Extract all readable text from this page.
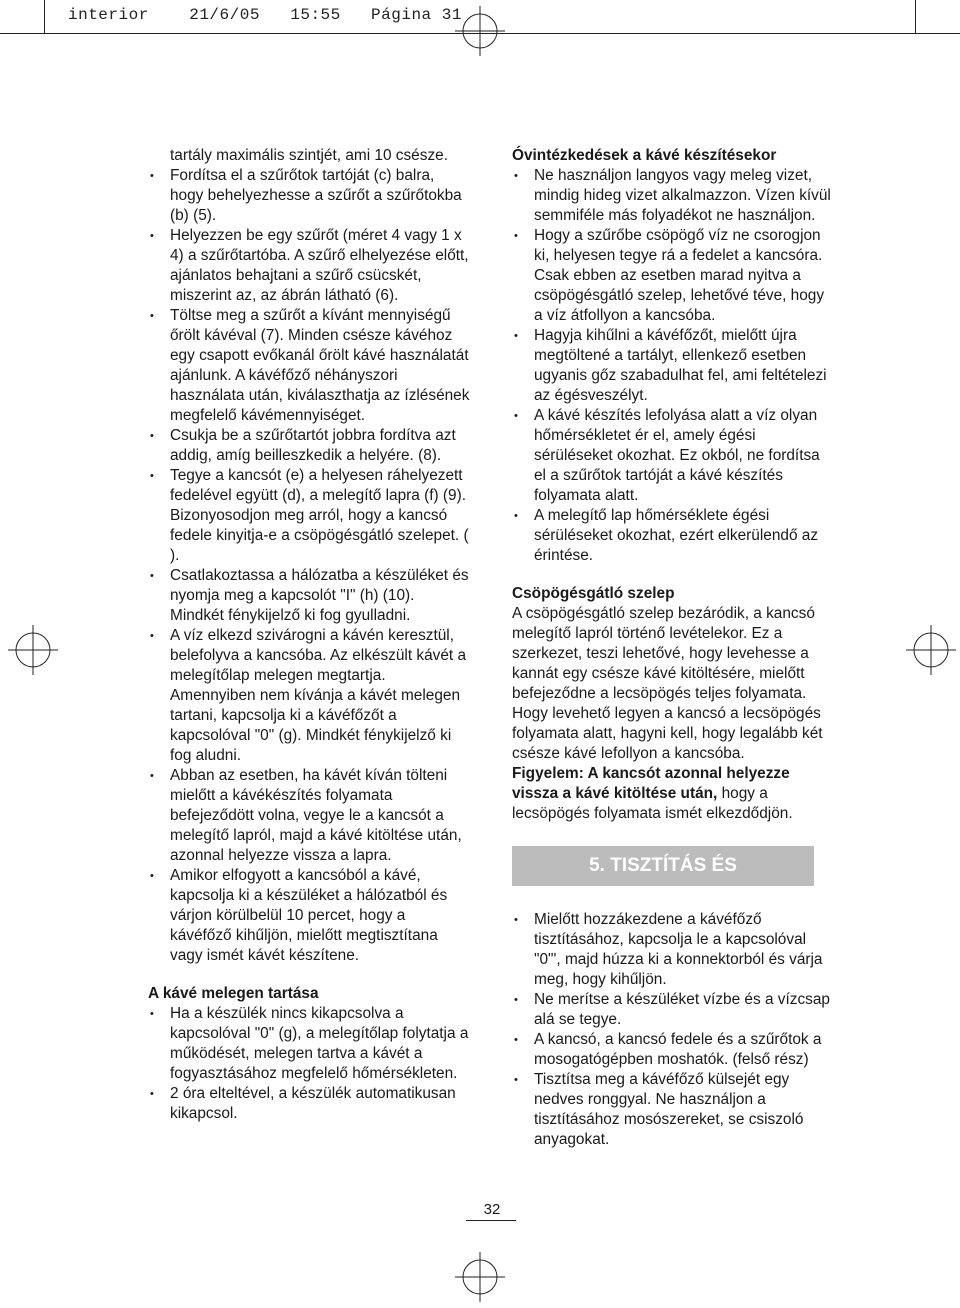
interior    21/6/05   15:55   Página 31

tartály maximális szintjét, ami 10 csésze.

• Fordítsa el a szűrőtok tartóját (c) balra, hogy behelyezhesse a szűrőt a szűrőtokba (b) (5).
• Helyezzen be egy szűrőt (méret 4 vagy 1 x 4) a szűrőtartóba. A szűrő elhelyezése előtt, ajánlatos behajtani a szűrő csücskét, miszerint az, az ábrán látható (6).
• Töltse meg a szűrőt a kívánt mennyiségű őrölt kávéval (7). Minden csésze kávéhoz egy csapott evőkanál őrölt kávé használatát ajánlunk. A kávéfőző néhányszori használata után, kiválaszthatja az ízlésének megfelelő kávémennyiséget.
• Csukja be a szűrőtartót jobbra fordítva azt addig, amíg beilleszkedik a helyére. (8).
• Tegye a kancsót (e) a helyesen ráhelyezett fedelével együtt (d), a melegítő lapra (f) (9). Bizonyosodjon meg arról, hogy a kancsó fedele kinyitja-e a csöpögésgátló szelepet. ( ).
• Csatlakoztassa a hálózatba a készüléket és nyomja meg a kapcsolót "I" (h) (10). Mindkét fénykijelző ki fog gyulladni.
• A víz elkezd szivárogni a kávén keresztül, belefolyva a kancsóba. Az elkészült kávét a melegítőlap melegen megtartja. Amennyiben nem kívánja a kávét melegen tartani, kapcsolja ki a kávéfőzőt a kapcsolóval "0" (g). Mindkét fénykijelző ki fog aludni.
• Abban az esetben, ha kávét kíván tölteni mielőtt a kávékészítés folyamata befejeződött volna, vegye le a kancsót a melegítő lapról, majd a kávé kitöltése után, azonnal helyezze vissza a lapra.
• Amikor elfogyott a kancsóból a kávé, kapcsolja ki a készüléket a hálózatból és várjon körülbelül 10 percet, hogy a kávéfőző kihűljön, mielőtt megtisztítana vagy ismét kávét készítene.

A kávé melegen tartása

• Ha a készülék nincs kikapcsolva a kapcsolóval "0" (g), a melegítőlap folytatja a működését, melegen tartva a kávét a fogyasztásához megfelelő hőmérsékleten.
• 2 óra elteltével, a készülék automatikusan kikapcsol.

Óvintézkedések a kávé készítésekor

• Ne használjon langyos vagy meleg vizet, mindig hideg vizet alkalmazzon. Vízen kívül semmiféle más folyadékot ne használjon.
• Hogy a szűrőbe csöpögő víz ne csorogjon ki, helyesen tegye rá a fedelet a kancsóra. Csak ebben az esetben marad nyitva a csöpögésgátló szelep, lehetővé téve, hogy a víz átfollyon a kancsóba.
• Hagyja kihűlni a kávéfőzőt, mielőtt újra megtöltené a tartályt, ellenkező esetben ugyanis gőz szabadulhat fel, ami feltételezi az égésveszélyt.
• A kávé készítés lefolyása alatt a víz olyan hőmérsékletet ér el, amely égési sérüléseket okozhat. Ez okból, ne fordítsa el a szűrőtok tartóját a kávé készítés folyamata alatt.
• A melegítő lap hőmérséklete égési sérüléseket okozhat, ezért elkerülendő az érintése.

Csöpögésgátló szelep

A csöpögésgátló szelep bezáródik, a kancsó melegítő lapról történő levételekor. Ez a szerkezet, teszi lehetővé, hogy levehesse a kannát egy csésze kávé kitöltésére, mielőtt befejeződne a lecsöpögés teljes folyamata. Hogy levehető legyen a kancsó a lecsöpögés folyamata alatt, hagyni kell, hogy legalább két csésze kávé lefollyon a kancsóba.

Figyelem: A kancsót azonnal helyezze vissza a kávé kitöltése után, hogy a lecsöpögés folyamata ismét elkezdődjön.

5. TISZTÍTÁS ÉS KARBANTARTÁS
• Mielőtt hozzákezdene a kávéfőző tisztításához, kapcsolja le a kapcsolóval "0"', majd húzza ki a konnektorból és várja meg, hogy kihűljön.
• Ne merítse a készüléket vízbe és a vízcsap alá se tegye.
• A kancsó, a kancsó fedele és a szűrőtok a mosogatógépben moshatók. (felső rész)
• Tisztítsa meg a kávéfőző külsejét egy nedves ronggyal. Ne használjon a tisztításához mosószereket, se csiszoló anyagokat.
32
